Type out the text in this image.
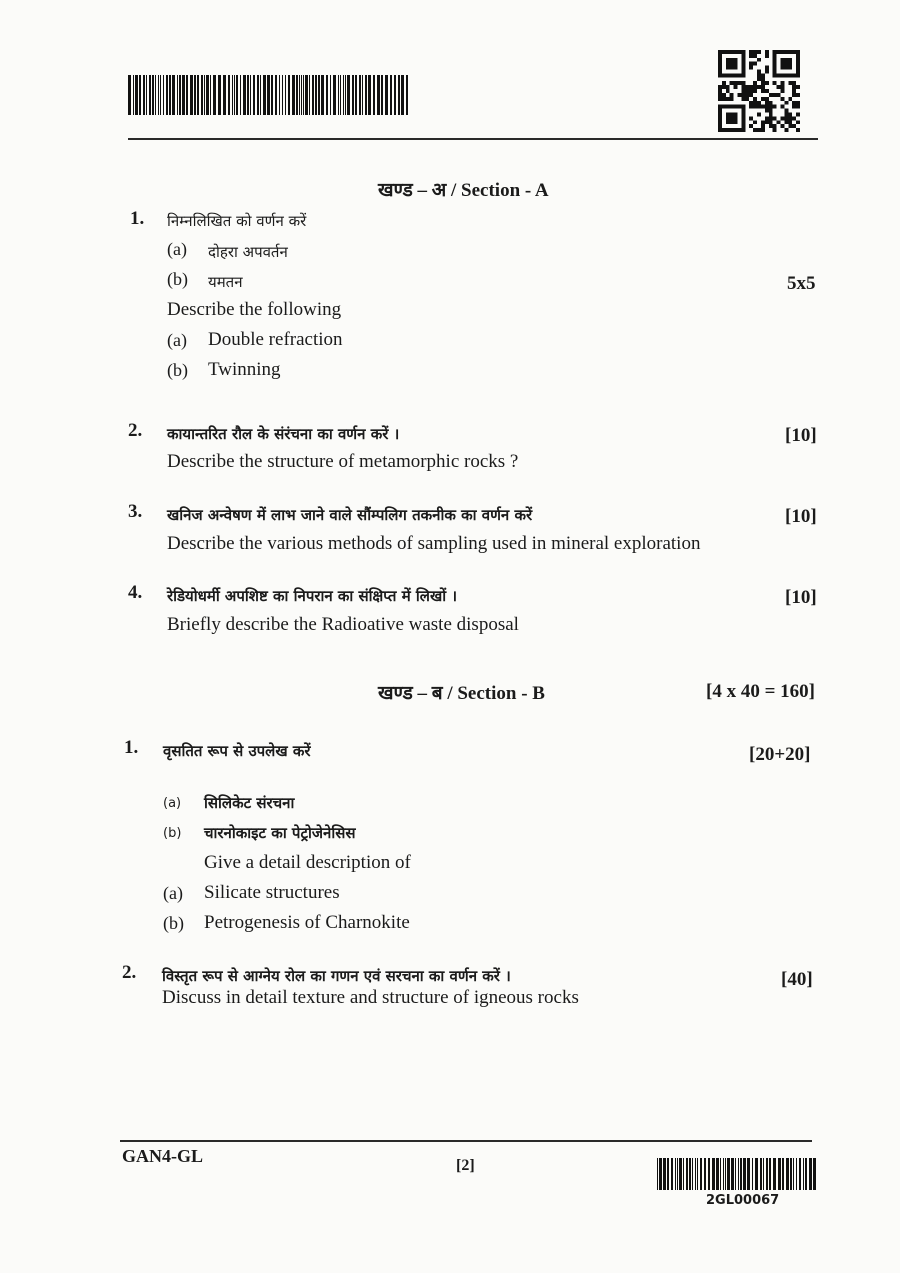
खण्ड – अ / Section - A
1. निम्नलिखित को वर्णन करें
(a) दोहरा अपवर्तन
(b) यमतन	5x5
Describe the following
(a) Double refraction
(b) Twinning
2. कायान्तरित रौल के संरंचना का वर्णन करें ।	[10]
Describe the structure of metamorphic rocks ?
3. खनिज अन्वेषण में लाभ जाने वाले सौंम्पलिग तकनीक का वर्णन करें	[10]
Describe the various methods of sampling used in mineral exploration
4. रेडियोधर्मी अपशिष्ट का निपरान का संक्षिप्त में लिखों ।	[10]
Briefly describe the Radioative waste disposal
खण्ड – ब / Section - B	[4 x 40 = 160]
1. वृसतित रूप से उपलेख करें	[20+20]
(a) सिलिकेट संरचना
(b) चारनोकाइट का पेट्रोजेनेसिस
Give a detail description of
(a) Silicate structures
(b) Petrogenesis of Charnokite
2. विस्तृत रूप से आग्नेय रोल का गणन एवं सरचना का वर्णन करें ।	[40]
Discuss in detail texture and structure of igneous rocks
GAN4-GL	[2]
2GL00067
